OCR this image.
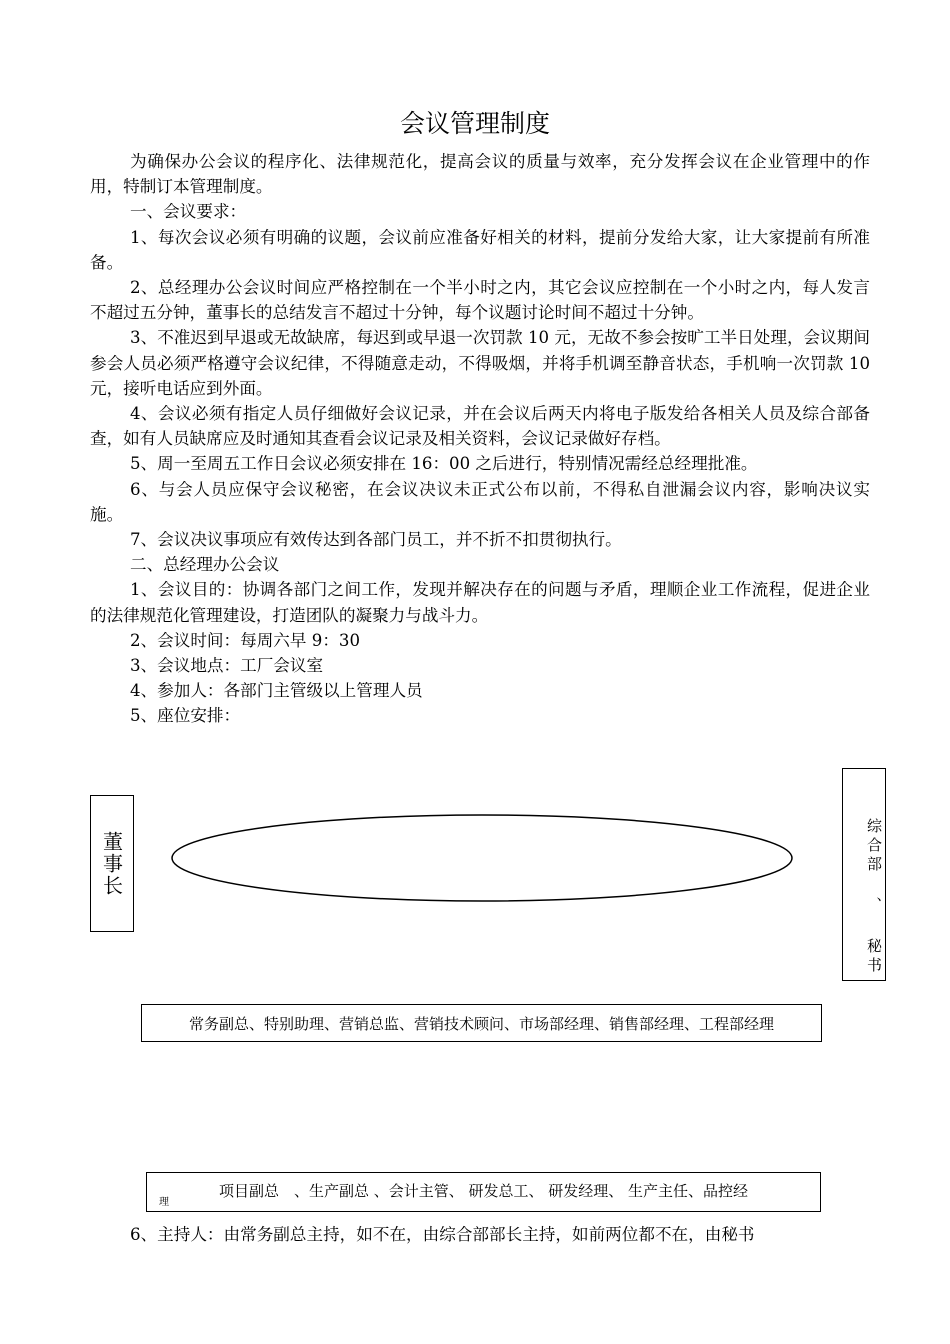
会议管理制度

为确保办公会议的程序化、法律规范化，提高会议的质量与效率，充分发挥会议在企业管理中的作用，特制订本管理制度。

一、会议要求：

1、每次会议必须有明确的议题，会议前应准备好相关的材料，提前分发给大家，让大家提前有所准备。

2、总经理办公会议时间应严格控制在一个半小时之内，其它会议应控制在一个小时之内，每人发言不超过五分钟，董事长的总结发言不超过十分钟，每个议题讨论时间不超过十分钟。

3、不准迟到早退或无故缺席，每迟到或早退一次罚款 10 元，无故不参会按旷工半日处理，会议期间参会人员必须严格遵守会议纪律，不得随意走动，不得吸烟，并将手机调至静音状态，手机响一次罚款 10 元，接听电话应到外面。

4、会议必须有指定人员仔细做好会议记录，并在会议后两天内将电子版发给各相关人员及综合部备查，如有人员缺席应及时通知其查看会议记录及相关资料，会议记录做好存档。

5、周一至周五工作日会议必须安排在 16：00 之后进行，特别情况需经总经理批准。

6、与会人员应保守会议秘密，在会议决议未正式公布以前，不得私自泄漏会议内容，影响决议实施。

7、会议决议事项应有效传达到各部门员工，并不折不扣贯彻执行。

二、总经理办公会议

1、会议目的：协调各部门之间工作，发现并解决存在的问题与矛盾，理顺企业工作流程，促进企业的法律规范化管理建设，打造团队的凝聚力与战斗力。

2、会议时间：每周六早 9：30

3、会议地点：工厂会议室

4、参加人：各部门主管级以上管理人员

5、座位安排：

董事长	综合部 、 秘书
常务副总、特别助理、营销总监、营销技术顾问、市场部经理、销售部经理、工程部经理
项目副总　、生产副总 、会计主管、 研发总工、 研发经理、 生产主任、品控经
理
6、主持人：由常务副总主持，如不在，由综合部部长主持，如前两位都不在，由秘书
